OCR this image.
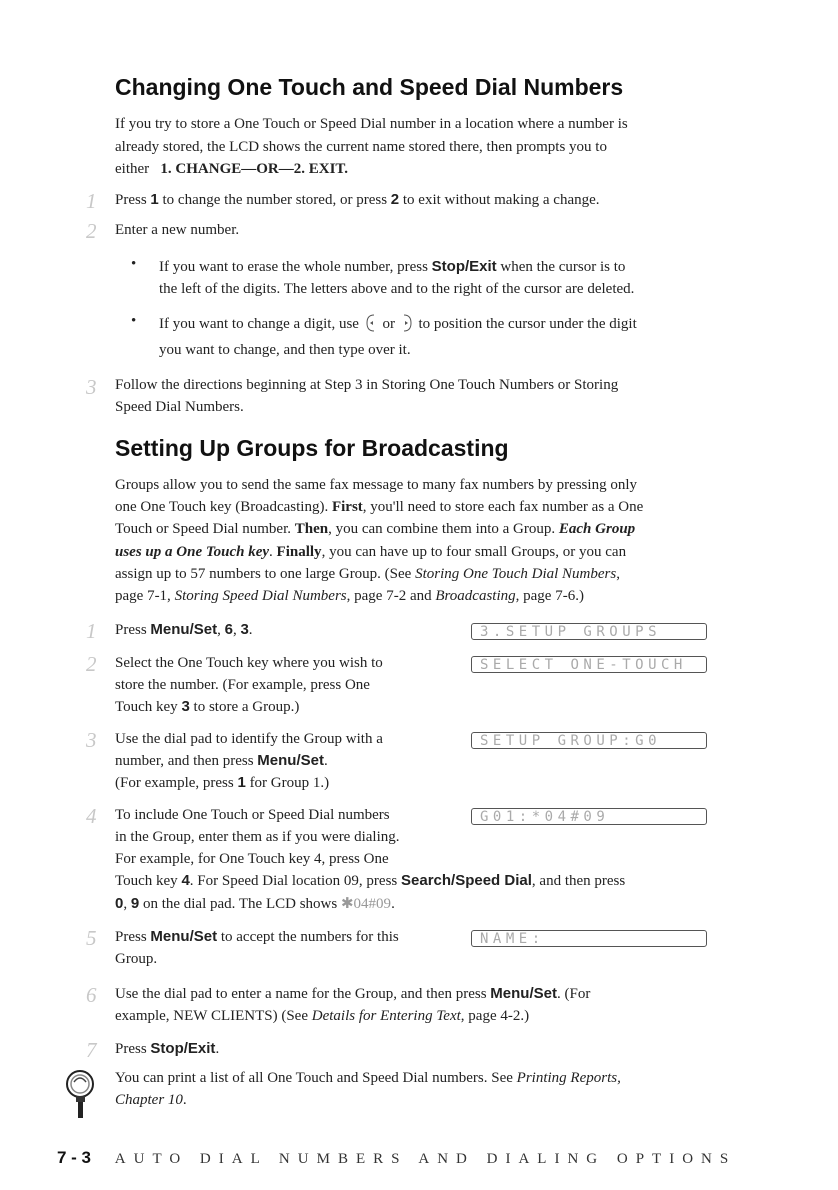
Changing One Touch and Speed Dial Numbers

If you try to store a One Touch or Speed Dial number in a location where a number is

already stored, the LCD shows the current name stored there, then prompts you to

either 1. CHANGE—OR—2. EXIT.

1 Press 1 to change the number stored, or press 2 to exit without making a change.

2 Enter a new number.

• If you want to erase the whole number, press Stop/Exit when the cursor is to

the left of the digits. The letters above and to the right of the cursor are deleted.

• If you want to change a digit, use or to position the cursor under the digit

you want to change, and then type over it.

3 Follow the directions beginning at Step 3 in Storing One Touch Numbers or Storing

Speed Dial Numbers.

Setting Up Groups for Broadcasting

Groups allow you to send the same fax message to many fax numbers by pressing only

one One Touch key (Broadcasting). First, you'll need to store each fax number as a One

Touch or Speed Dial number. Then, you can combine them into a Group. Each Group

uses up a One Touch key. Finally, you can have up to four small Groups, or you can

assign up to 57 numbers to one large Group. (See Storing One Touch Dial Numbers,

page 7-1, Storing Speed Dial Numbers, page 7-2 and Broadcasting, page 7-6.)

1 Press Menu/Set, 6, 3.	3.SETUP GROUPS
2 Select the One Touch key where you wish to

store the number. (For example, press One

Touch key 3 to store a Group.)

SELECT ONE-TOUCH
3 Use the dial pad to identify the Group with a

number, and then press Menu/Set.

(For example, press 1 for Group 1.)

SETUP GROUP:G0
4 To include One Touch or Speed Dial numbers

in the Group, enter them as if you were dialing.

For example, for One Touch key 4, press One

Touch key 4. For Speed Dial location 09, press Search/Speed Dial, and then press

0, 9 on the dial pad. The LCD shows ✱04#09.

G01:*04#09_
5 Press Menu/Set to accept the numbers for this

Group.

NAME:
6 Use the dial pad to enter a name for the Group, and then press Menu/Set. (For

example, NEW CLIENTS) (See Details for Entering Text, page 4-2.)

7 Press Stop/Exit.

You can print a list of all One Touch and Speed Dial numbers. See Printing Reports,

Chapter 10.

7 - 3 AUTO DIAL NUMBERS AND DIALING OPTIONS
